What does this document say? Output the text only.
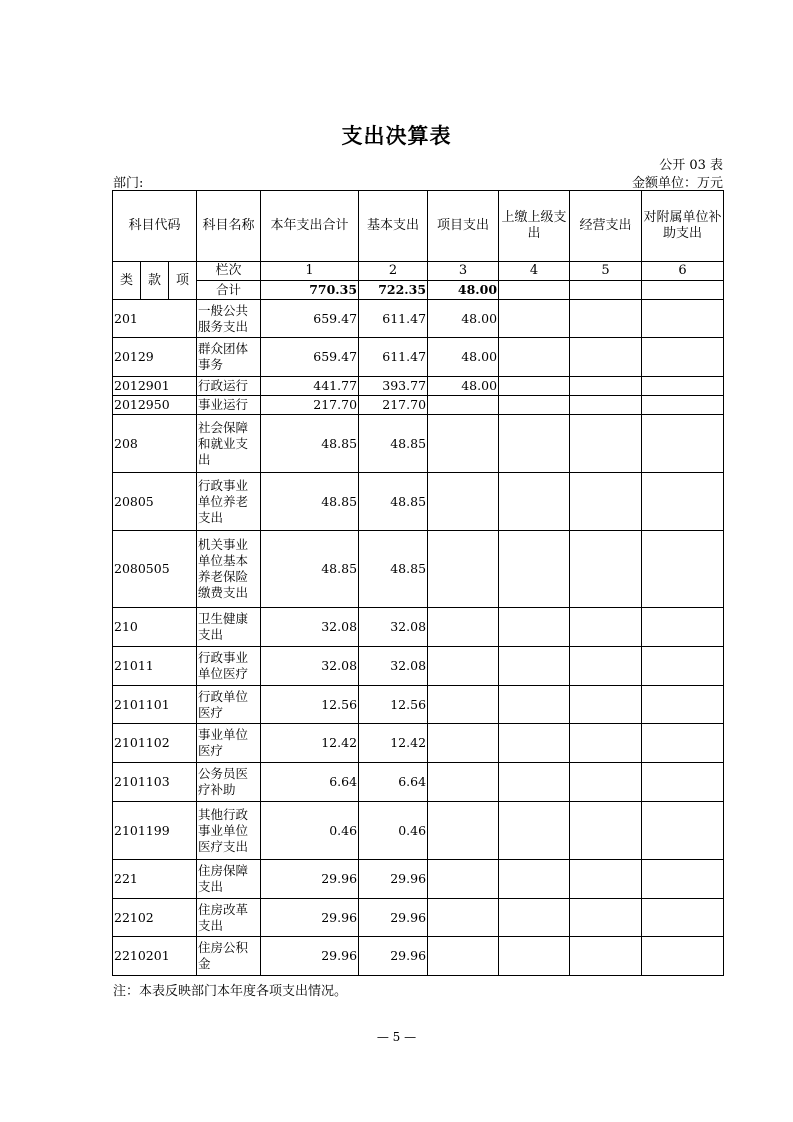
支出决算表
公开 03 表
部门:	金额单位：万元
科目代码			科目名称	本年支出合计	基本支出	项目支出	上缴上级支出	经营支出	对附属单位补助支出
类	款	项	栏次	1	2	3	4	5	6
			合计	770.35	722.35	48.00			
201			一般公共服务支出	659.47	611.47	48.00			
20129			群众团体事务	659.47	611.47	48.00			
2012901			行政运行	441.77	393.77	48.00			
2012950			事业运行	217.70	217.70				
208			社会保障和就业支出	48.85	48.85				
20805			行政事业单位养老支出	48.85	48.85				
2080505			机关事业单位基本养老保险缴费支出	48.85	48.85				
210			卫生健康支出	32.08	32.08				
21011			行政事业单位医疗	32.08	32.08				
2101101			行政单位医疗	12.56	12.56				
2101102			事业单位医疗	12.42	12.42				
2101103			公务员医疗补助	6.64	6.64				
2101199			其他行政事业单位医疗支出	0.46	0.46				
221			住房保障支出	29.96	29.96				
22102			住房改革支出	29.96	29.96				
2210201			住房公积金	29.96	29.96				
注：本表反映部门本年度各项支出情况。
— 5 —
